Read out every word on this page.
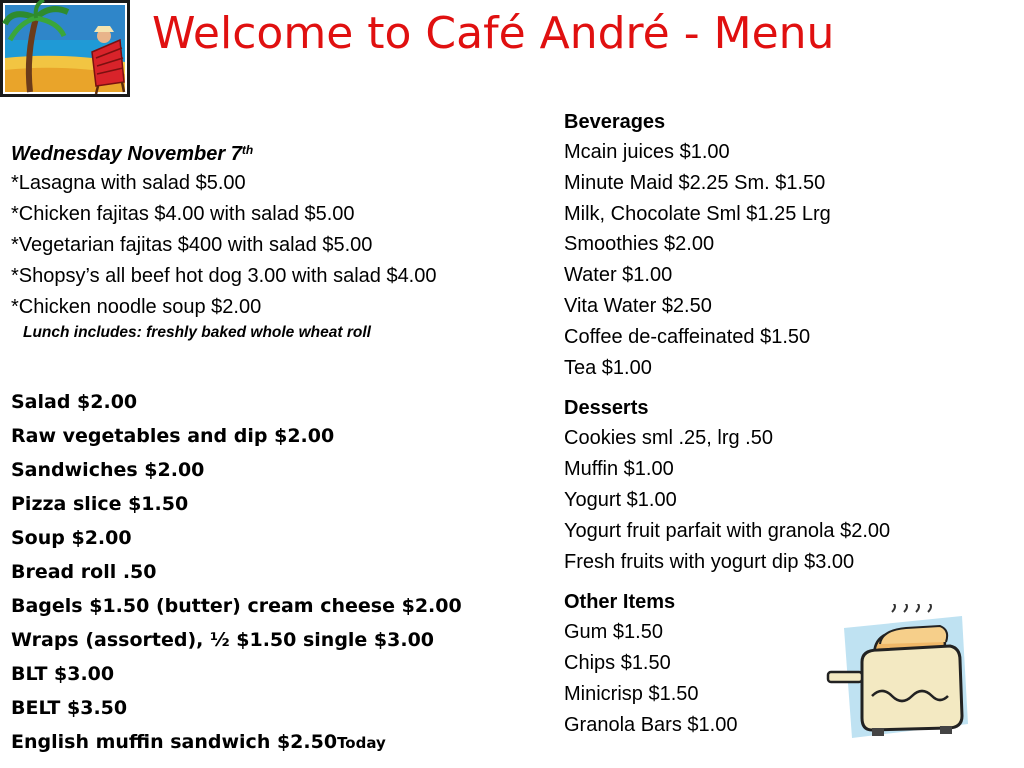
Welcome to Café André - Menu
Wednesday November 7th
*Lasagna with salad $5.00
*Chicken fajitas $4.00 with salad $5.00
*Vegetarian fajitas $400 with salad $5.00
*Shopsy’s all beef hot dog 3.00 with salad $4.00
*Chicken noodle soup $2.00
Lunch includes: freshly baked whole wheat roll
Salad $2.00
Raw vegetables and dip $2.00
Sandwiches $2.00
Pizza slice $1.50
Soup $2.00
Bread roll .50
Bagels $1.50 (butter) cream cheese $2.00
Wraps (assorted), ½ $1.50 single $3.00
BLT $3.00
BELT $3.50
English muffin sandwich $2.50Today
Beverages
Mcain juices $1.00
Minute Maid $2.25 Sm. $1.50
Milk, Chocolate Sml $1.25 Lrg
Smoothies $2.00
Water $1.00
Vita Water $2.50
Coffee de-caffeinated $1.50
Tea $1.00
Desserts
Cookies sml .25, lrg .50
Muffin $1.00
Yogurt $1.00
Yogurt fruit parfait with granola $2.00
Fresh fruits with yogurt dip $3.00
Other Items
Gum $1.50
Chips $1.50
Minicrisp $1.50
Granola Bars $1.00
